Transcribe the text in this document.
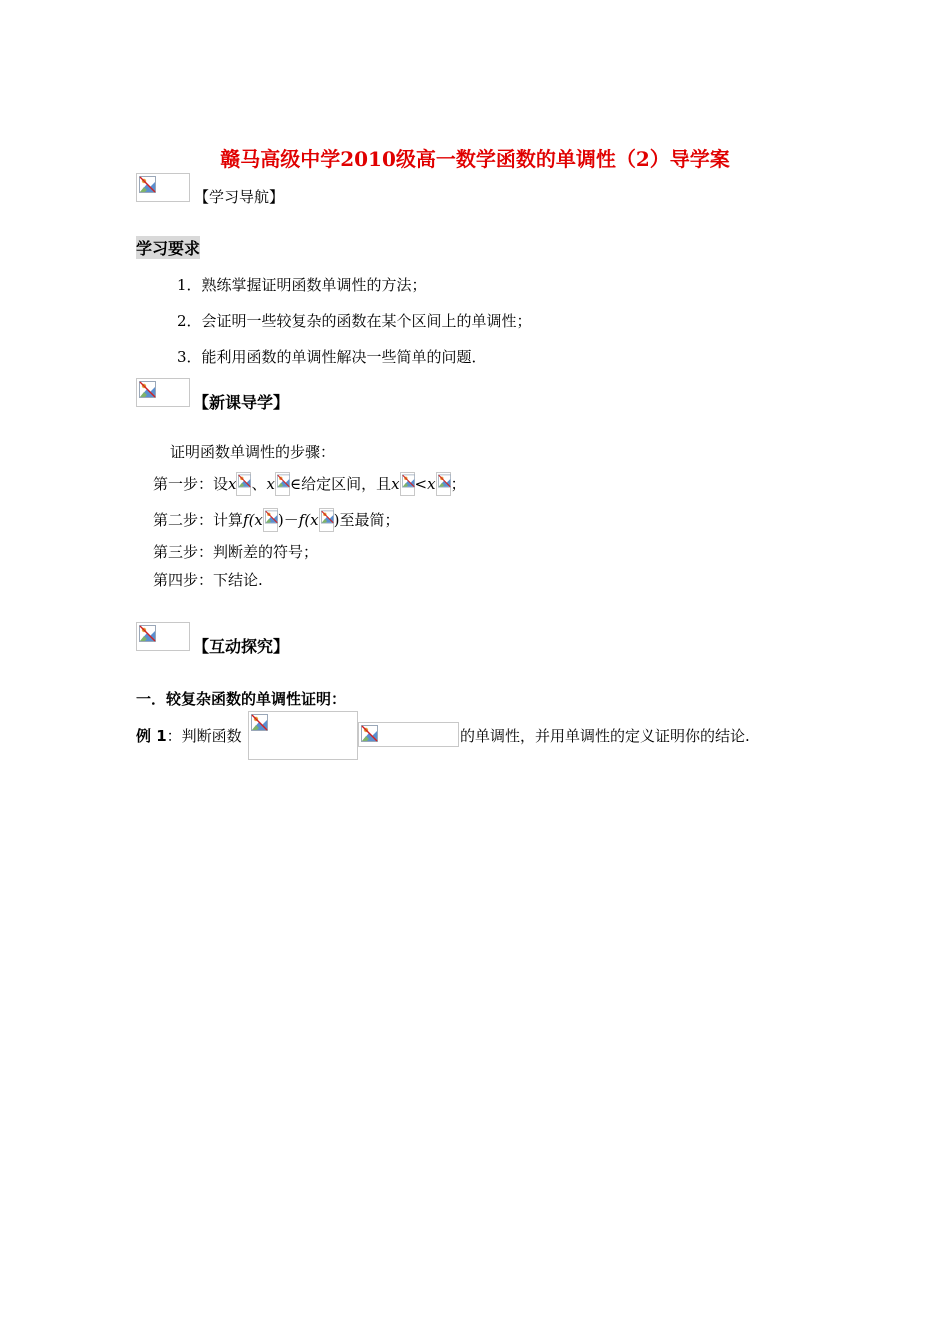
赣马高级中学2010级高一数学函数的单调性（2）导学案
【学习导航】
学习要求
1．熟练掌握证明函数单调性的方法；
2．会证明一些较复杂的函数在某个区间上的单调性；
3．能利用函数的单调性解决一些简单的问题．
【新课导学】
证明函数单调性的步骤：
第一步：设x 、x ∈给定区间，且x <x ；
第二步：计算f(x )－f(x )至最简；
第三步：判断差的符号；
第四步：下结论.
【互动探究】
一．较复杂函数的单调性证明：
例 1：判断函数	的单调性，并用单调性的定义证明你的结论.
